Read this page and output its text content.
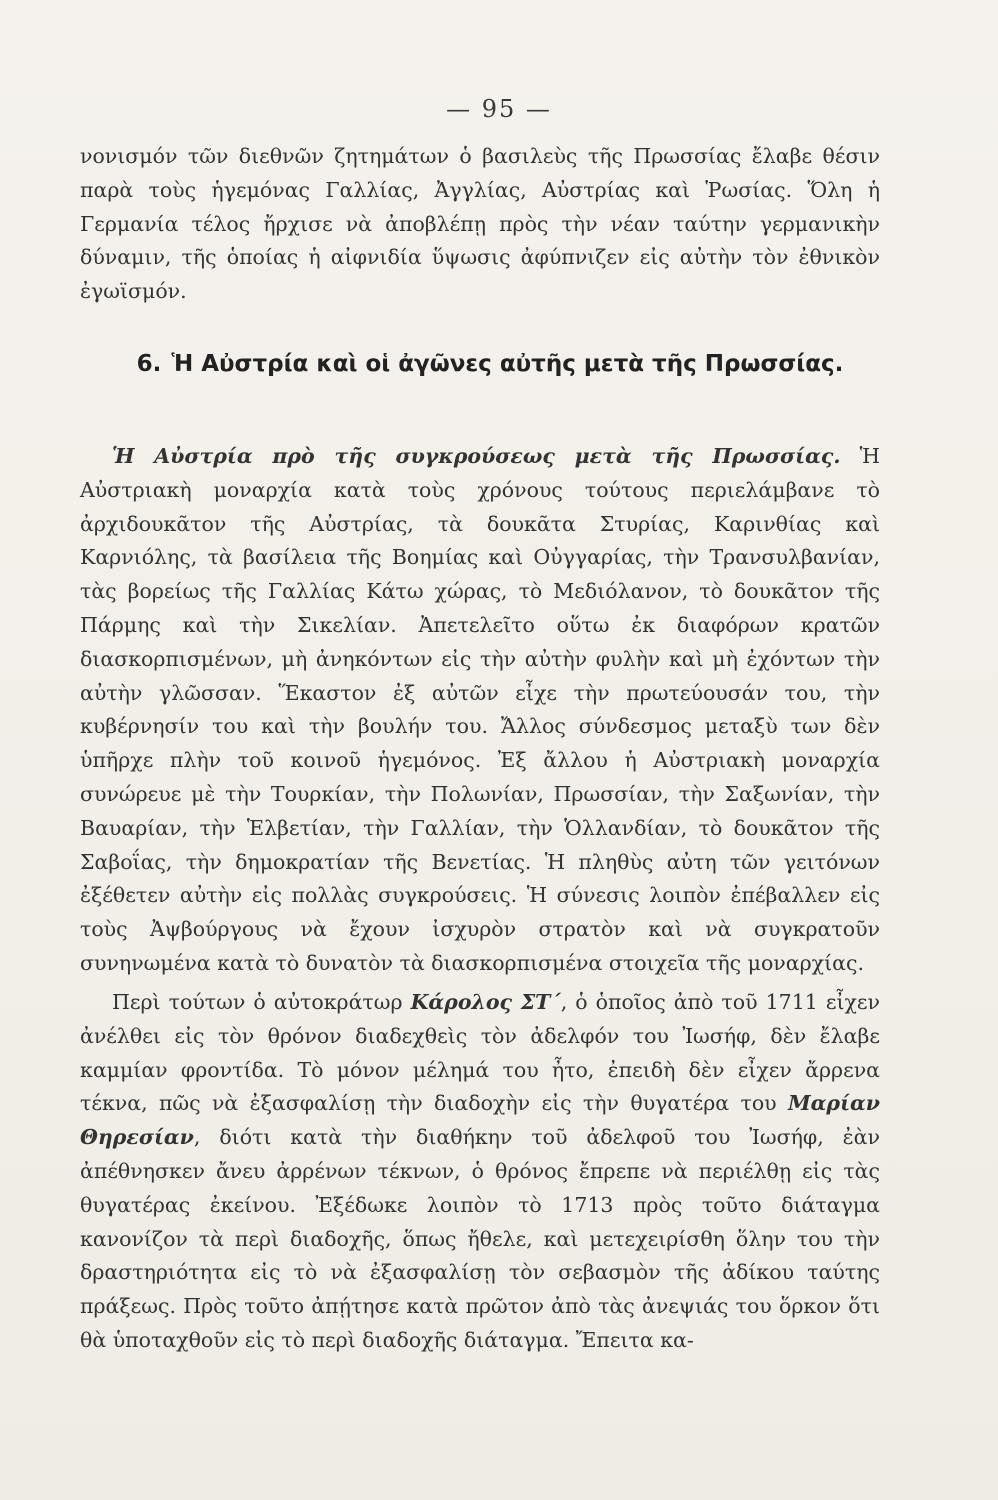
— 95 —
νονισμόν τῶν διεθνῶν ζητημάτων ὁ βασιλεὺς τῆς Πρωσσίας ἔλαβε θέσιν παρὰ τοὺς ἡγεμόνας Γαλλίας, Ἀγγλίας, Αὐστρίας καὶ Ῥωσίας. Ὅλη ἡ Γερμανία τέλος ἤρχισε νὰ ἀποβλέπῃ πρὸς τὴν νέαν ταύτην γερμανικὴν δύναμιν, τῆς ὁποίας ἡ αἰφνιδία ὕψωσις ἀφύπνιζεν εἰς αὐτὴν τὸν ἐθνικὸν ἐγωϊσμόν.
6. Ἡ Αὐστρία καὶ οἱ ἀγῶνες αὐτῆς μετὰ τῆς Πρωσσίας.
Ἡ Αὐστρία πρὸ τῆς συγκρούσεως μετὰ τῆς Πρωσσίας. Ἡ Αὐστριακὴ μοναρχία κατὰ τοὺς χρόνους τούτους περιελάμβανε τὸ ἀρχιδουκᾶτον τῆς Αὐστρίας, τὰ δουκᾶτα Στυρίας, Καρινθίας καὶ Καρνιόλης, τὰ βασίλεια τῆς Βοημίας καὶ Οὐγγαρίας, τὴν Τρανσυλβανίαν, τὰς βορείως τῆς Γαλλίας Κάτω χώρας, τὸ Μεδιόλανον, τὸ δουκᾶτον τῆς Πάρμης καὶ τὴν Σικελίαν. Ἀπετελεῖτο οὕτω ἐκ διαφόρων κρατῶν διασκορπισμένων, μὴ ἀνηκόντων εἰς τὴν αὐτὴν φυλὴν καὶ μὴ ἐχόντων τὴν αὐτὴν γλῶσσαν. Ἕκαστον ἐξ αὐτῶν εἶχε τὴν πρωτεύουσάν του, τὴν κυβέρνησίν του καὶ τὴν βουλήν του. Ἄλλος σύνδεσμος μεταξὺ των δὲν ὑπῆρχε πλὴν τοῦ κοινοῦ ἡγεμόνος. Ἐξ ἄλλου ἡ Αὐστριακὴ μοναρχία συνώρευε μὲ τὴν Τουρκίαν, τὴν Πολωνίαν, Πρωσσίαν, τὴν Σαξωνίαν, τὴν Βαυαρίαν, τὴν Ἑλβετίαν, τὴν Γαλλίαν, τὴν Ὁλλανδίαν, τὸ δουκᾶτον τῆς Σαβοΐας, τὴν δημοκρατίαν τῆς Βενετίας. Ἡ πληθὺς αὐτη τῶν γειτόνων ἐξέθετεν αὐτὴν εἰς πολλὰς συγκρούσεις. Ἡ σύνεσις λοιπὸν ἐπέβαλλεν εἰς τοὺς Ἀψβούργους νὰ ἔχουν ἰσχυρὸν στρατὸν καὶ νὰ συγκρατοῦν συνηνωμένα κατὰ τὸ δυνατὸν τὰ διασκορπισμένα στοιχεῖα τῆς μοναρχίας.
Περὶ τούτων ὁ αὐτοκράτωρ Κάρολος ΣΤ΄, ὁ ὁποῖος ἀπὸ τοῦ 1711 εἶχεν ἀνέλθει εἰς τὸν θρόνον διαδεχθεὶς τὸν ἀδελφόν του Ἰωσήφ, δὲν ἔλαβε καμμίαν φροντίδα. Τὸ μόνον μέλημά του ἦτο, ἐπειδὴ δὲν εἶχεν ἄρρενα τέκνα, πῶς νὰ ἐξασφαλίσῃ τὴν διαδοχὴν εἰς τὴν θυγατέρα του Μαρίαν Θηρεσίαν, διότι κατὰ τὴν διαθήκην τοῦ ἀδελφοῦ του Ἰωσήφ, ἐὰν ἀπέθνησκεν ἄνευ ἀρρένων τέκνων, ὁ θρόνος ἔπρεπε νὰ περιέλθῃ εἰς τὰς θυγατέρας ἐκείνου. Ἐξέδωκε λοιπὸν τὸ 1713 πρὸς τοῦτο διάταγμα κανονίζον τὰ περὶ διαδοχῆς, ὅπως ἤθελε, καὶ μετεχειρίσθη ὅλην του τὴν δραστηριότητα εἰς τὸ νὰ ἐξασφαλίσῃ τὸν σεβασμὸν τῆς ἀδίκου ταύτης πράξεως. Πρὸς τοῦτο ἀπῄτησε κατὰ πρῶτον ἀπὸ τὰς ἀνεψιάς του ὅρκον ὅτι θὰ ὑποταχθοῦν εἰς τὸ περὶ διαδοχῆς διάταγμα. Ἔπειτα κα-
